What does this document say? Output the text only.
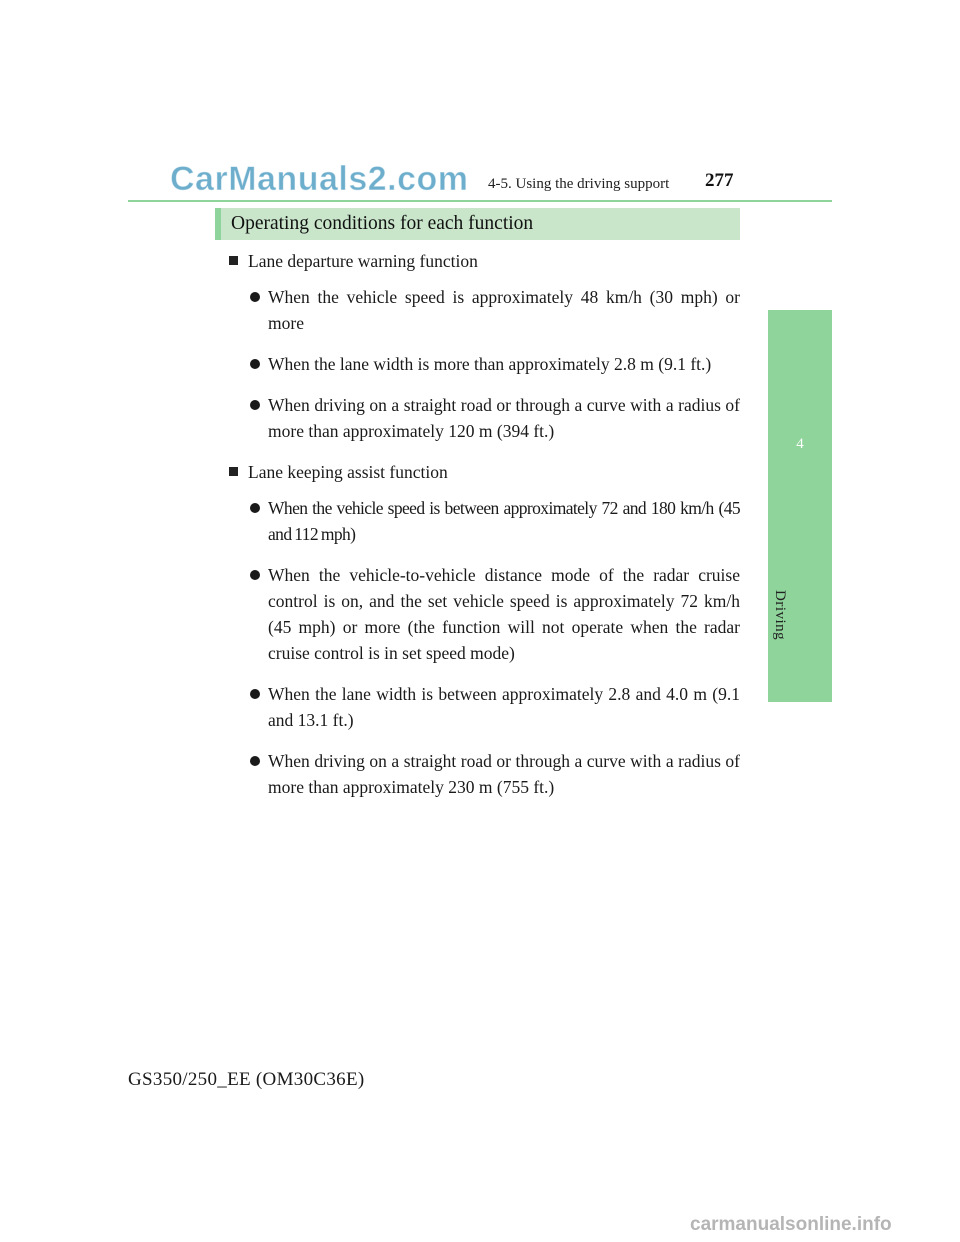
CarManuals2.com 4-5. Using the driving support 277
4
Driving
Operating conditions for each function
Lane departure warning function
When the vehicle speed is approximately 48 km/h (30 mph) or more
When the lane width is more than approximately 2.8 m (9.1 ft.)
When driving on a straight road or through a curve with a radius of more than approximately 120 m (394 ft.)
Lane keeping assist function
When the vehicle speed is between approximately 72 and 180 km/h (45 and 112 mph)
When the vehicle-to-vehicle distance mode of the radar cruise control is on, and the set vehicle speed is approximately 72 km/h (45 mph) or more (the function will not operate when the radar cruise control is in set speed mode)
When the lane width is between approximately 2.8 and 4.0 m (9.1 and 13.1 ft.)
When driving on a straight road or through a curve with a radius of more than approximately 230 m (755 ft.)
GS350/250_EE (OM30C36E)
carmanualsonline.info
